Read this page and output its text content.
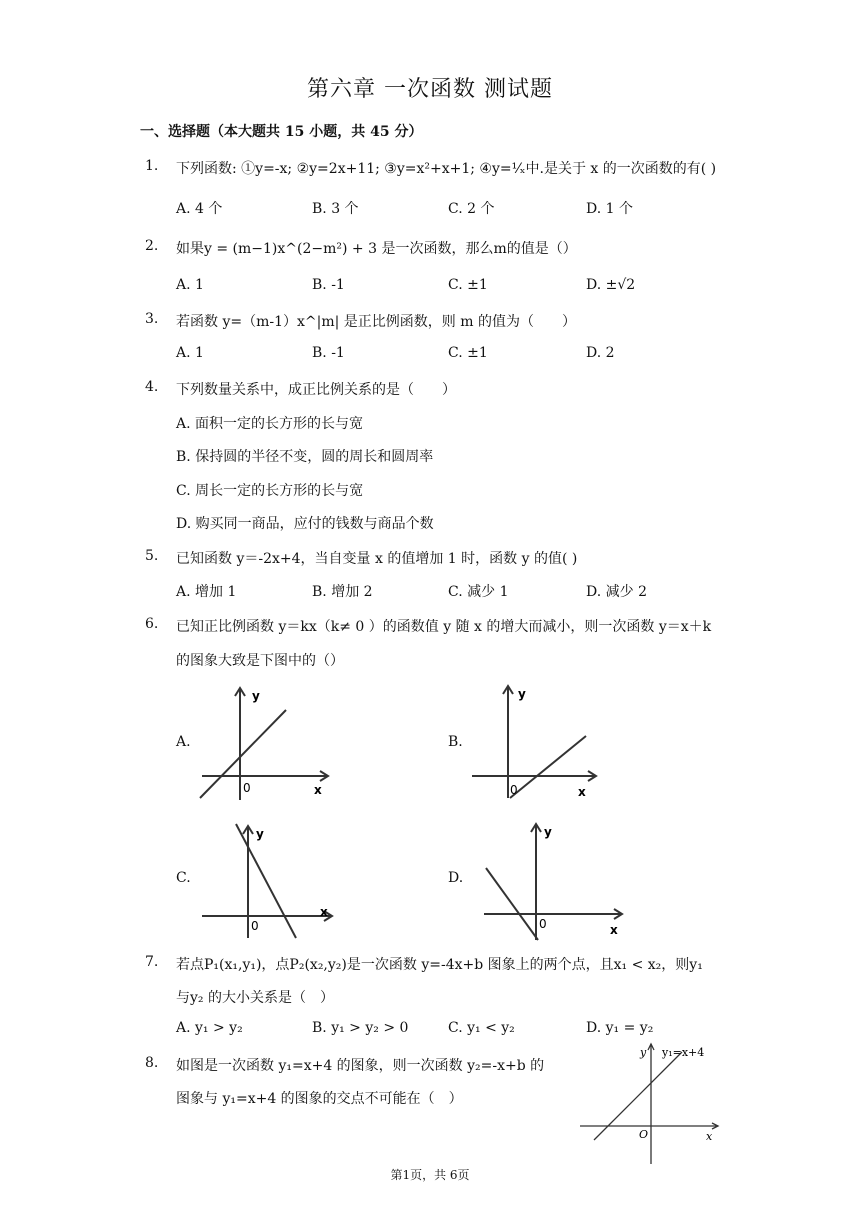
第六章 一次函数 测试题
一、选择题（本大题共 15 小题，共 45 分）
1. 下列函数: ①y=-x; ②y=2x+11; ③y=x²+x+1; ④y=¹⁄ₓ中.是关于 x 的一次函数的有( )
A. 4 个	B. 3 个	C. 2 个	D. 1 个
2. 如果y = (m−1)x^(2−m²) + 3 是一次函数，那么m的值是（）
A. 1	B. -1	C. ±1	D. ±√2
3. 若函数 y=（m-1）x^|m| 是正比例函数，则 m 的值为（　　）
A. 1	B. -1	C. ±1	D. 2
4. 下列数量关系中，成正比例关系的是（　　）
A. 面积一定的长方形的长与宽
B. 保持圆的半径不变，圆的周长和圆周率
C. 周长一定的长方形的长与宽
D. 购买同一商品，应付的钱数与商品个数
5. 已知函数 y＝-2x+4，当自变量 x 的值增加 1 时，函数 y 的值( )
A. 增加 1	B. 增加 2	C. 减少 1	D. 减少 2
6. 已知正比例函数 y＝kx（k≠ 0 ）的函数值 y 随 x 的增大而减小，则一次函数 y＝x＋k
的图象大致是下图中的（）
A.	B.
C.	D.
y
x
0
y
x
0
y
x
0
y
x
0
7. 若点P₁(x₁,y₁)，点P₂(x₂,y₂)是一次函数 y=-4x+b 图象上的两个点，且x₁ < x₂，则y₁
与y₂ 的大小关系是（　）
A. y₁ > y₂	B. y₁ > y₂ > 0	C. y₁ < y₂	D. y₁ = y₂
8. 如图是一次函数 y₁=x+4 的图象，则一次函数 y₂=-x+b 的
图象与 y₁=x+4 的图象的交点不可能在（　）
y y₁=x+4
x
O
第1页，共 6页
